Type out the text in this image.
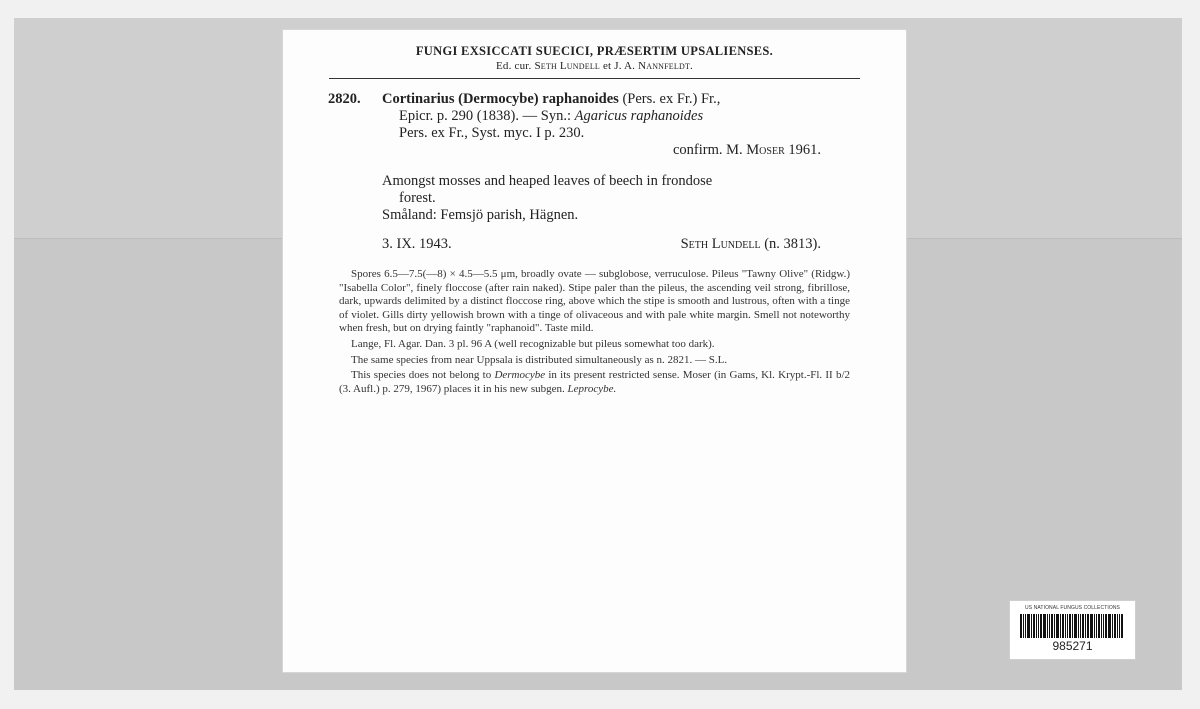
FUNGI EXSICCATI SUECICI, PRÆSERTIM UPSALIENSES.
Ed. cur. Seth Lundell et J. A. Nannfeldt.
2820. Cortinarius (Dermocybe) raphanoides (Pers. ex Fr.) Fr.,
Epicr. p. 290 (1838). — Syn.: Agaricus raphanoides
Pers. ex Fr., Syst. myc. I p. 230.
confirm. M. Moser 1961.
Amongst mosses and heaped leaves of beech in frondose
forest.
Småland: Femsjö parish, Hägnen.
3. IX. 1943.	Seth Lundell (n. 3813).

Spores 6.5—7.5(—8) × 4.5—5.5 μm, broadly ovate — subglobose, verruculose. Pileus "Tawny Olive" (Ridgw.) "Isabella Color", finely floccose (after rain naked). Stipe paler than the pileus, the ascending veil strong, fibrillose, dark, upwards delimited by a distinct floccose ring, above which the stipe is smooth and lustrous, often with a tinge of violet. Gills dirty yellowish brown with a tinge of olivaceous and with pale white margin. Smell not noteworthy when fresh, but on drying faintly "raphanoid". Taste mild.

Lange, Fl. Agar. Dan. 3 pl. 96 A (well recognizable but pileus somewhat too dark).

The same species from near Uppsala is distributed simultaneously as n. 2821. — S.L.

This species does not belong to Dermocybe in its present restricted sense. Moser (in Gams, Kl. Krypt.-Fl. II b/2 (3. Aufl.) p. 279, 1967) places it in his new subgen. Leprocybe.

US NATIONAL FUNGUS COLLECTIONS
985271
